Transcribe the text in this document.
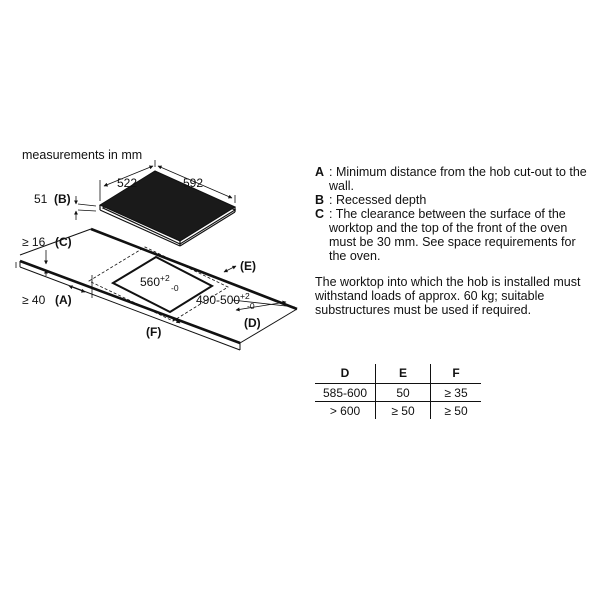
measurements in mm
522	592
51 (B)
≥ 16 (C)
≥ 40 (A)
$560^{+2}-0$
$490-500^{+2}$ -0
(E)
(D)
(F)
A : Minimum distance from the hob cut-out to the wall.
B : Recessed depth
C : The clearance between the surface of the worktop and the top of the front of the oven must be 30 mm. See space requirements for the oven.
The worktop into which the hob is installed must withstand loads of approx. 60 kg; suitable substructures must be used if required.
D	E	F
585-600	50	≥ 35
> 600	≥ 50	≥ 50
